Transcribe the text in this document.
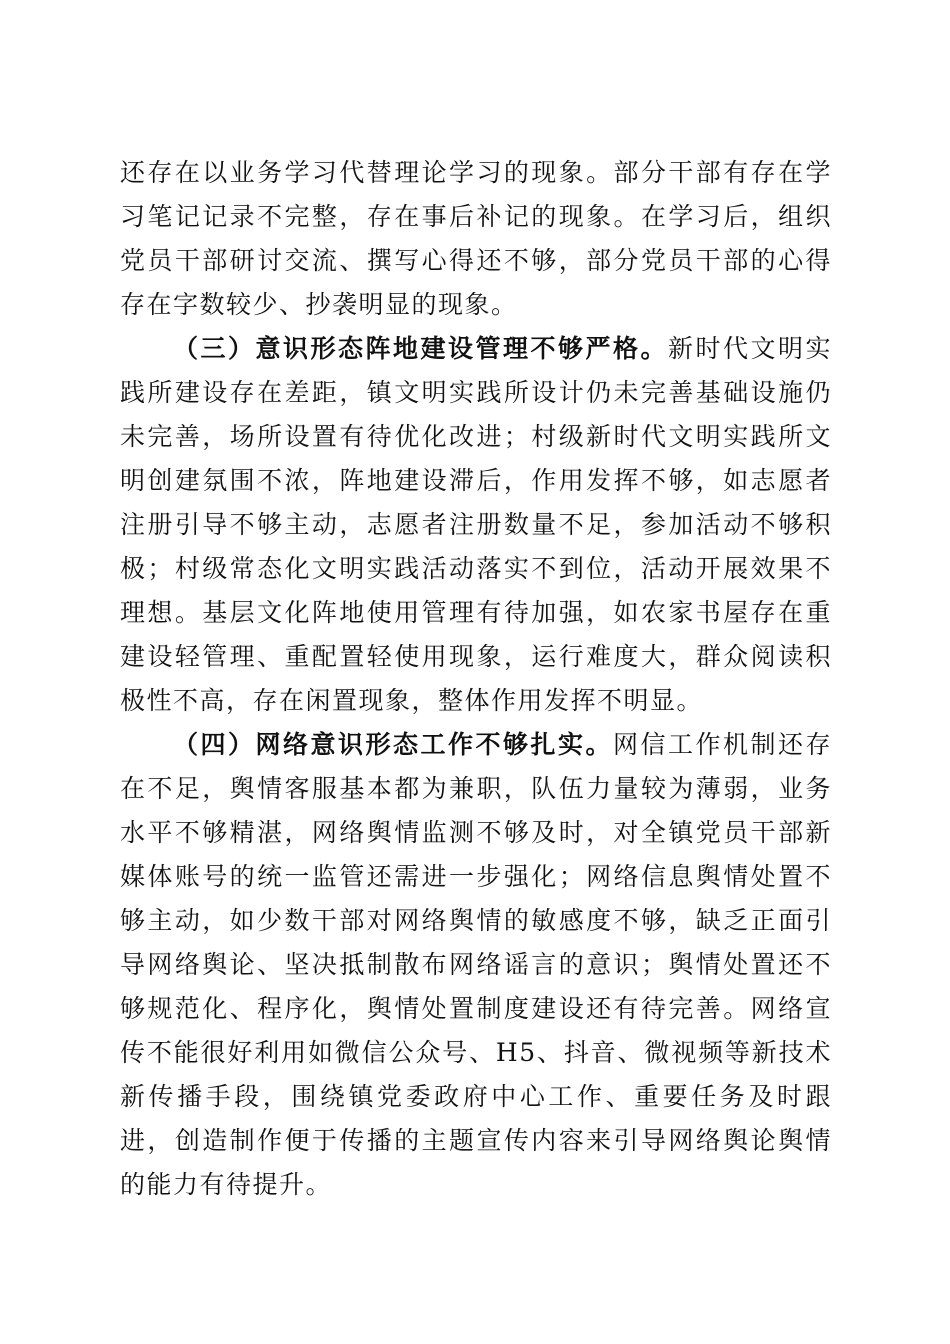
还存在以业务学习代替理论学习的现象。部分干部有存在学习笔记记录不完整，存在事后补记的现象。在学习后，组织党员干部研讨交流、撰写心得还不够，部分党员干部的心得存在字数较少、抄袭明显的现象。

（三）意识形态阵地建设管理不够严格。新时代文明实践所建设存在差距，镇文明实践所设计仍未完善基础设施仍未完善，场所设置有待优化改进；村级新时代文明实践所文明创建氛围不浓，阵地建设滞后，作用发挥不够，如志愿者注册引导不够主动，志愿者注册数量不足，参加活动不够积极；村级常态化文明实践活动落实不到位，活动开展效果不理想。基层文化阵地使用管理有待加强，如农家书屋存在重建设轻管理、重配置轻使用现象，运行难度大，群众阅读积极性不高，存在闲置现象，整体作用发挥不明显。

（四）网络意识形态工作不够扎实。网信工作机制还存在不足，舆情客服基本都为兼职，队伍力量较为薄弱，业务水平不够精湛，网络舆情监测不够及时，对全镇党员干部新媒体账号的统一监管还需进一步强化；网络信息舆情处置不够主动，如少数干部对网络舆情的敏感度不够，缺乏正面引导网络舆论、坚决抵制散布网络谣言的意识；舆情处置还不够规范化、程序化，舆情处置制度建设还有待完善。网络宣传不能很好利用如微信公众号、H5、抖音、微视频等新技术新传播手段，围绕镇党委政府中心工作、重要任务及时跟进，创造制作便于传播的主题宣传内容来引导网络舆论舆情的能力有待提升。
